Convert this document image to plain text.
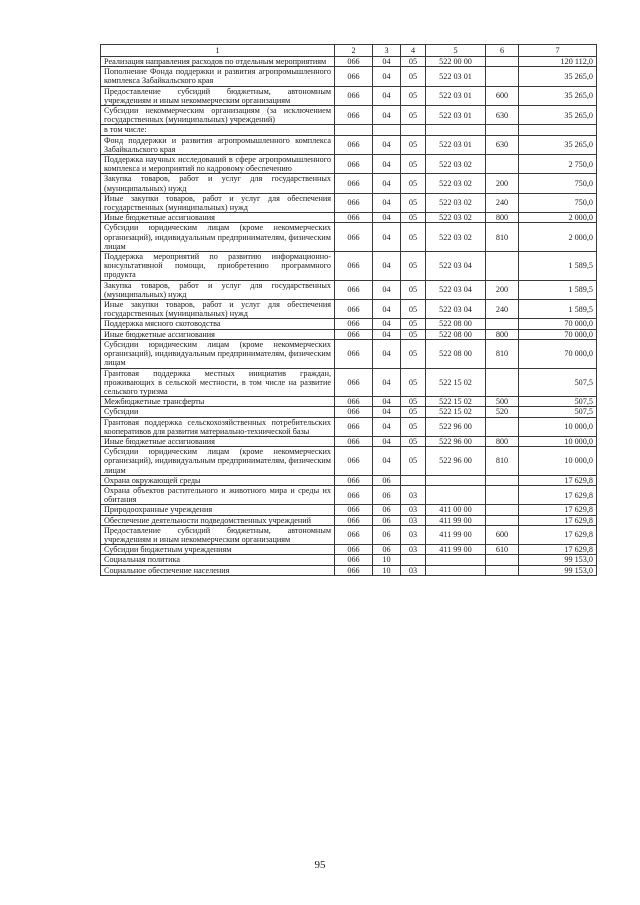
1	2	3	4	5	6	7
Реализация направления расходов по отдельным мероприятиям	066	04	05	522 00 00		120 112,0
Пополнение Фонда поддержки и развития агропромышленного комплекса Забайкальского края	066	04	05	522 03 01		35 265,0
Предоставление субсидий бюджетным, автономным учреждениям и иным некоммерческим организациям	066	04	05	522 03 01	600	35 265,0
Субсидии некоммерческим организациям (за исключением государственных (муниципальных) учреждений)	066	04	05	522 03 01	630	35 265,0
в том числе:						
Фонд поддержки и развития агропромышленного комплекса Забайкальского края	066	04	05	522 03 01	630	35 265,0
Поддержка научных исследований в сфере агропромышленного комплекса и мероприятий по кадровому обеспечению	066	04	05	522 03 02		2 750,0
Закупка товаров, работ и услуг для государственных (муниципальных) нужд	066	04	05	522 03 02	200	750,0
Иные закупки товаров, работ и услуг для обеспечения государственных (муниципальных) нужд	066	04	05	522 03 02	240	750,0
Иные бюджетные ассигнования	066	04	05	522 03 02	800	2 000,0
Субсидии юридическим лицам (кроме некоммерческих организаций), индивидуальным предпринимателям, физическим лицам	066	04	05	522 03 02	810	2 000,0
Поддержка мероприятий по развитию информационно-консультативной помощи, приобретению программного продукта	066	04	05	522 03 04		1 589,5
Закупка товаров, работ и услуг для государственных (муниципальных) нужд	066	04	05	522 03 04	200	1 589,5
Иные закупки товаров, работ и услуг для обеспечения государственных (муниципальных) нужд	066	04	05	522 03 04	240	1 589,5
Поддержка мясного скотоводства	066	04	05	522 08 00		70 000,0
Иные бюджетные ассигнования	066	04	05	522 08 00	800	70 000,0
Субсидии юридическим лицам (кроме некоммерческих организаций), индивидуальным предпринимателям, физическим лицам	066	04	05	522 08 00	810	70 000,0
Грантовая поддержка местных инициатив граждан, проживающих в сельской местности, в том числе на развитие сельского туризма	066	04	05	522 15 02		507,5
Межбюджетные трансферты	066	04	05	522 15 02	500	507,5
Субсидии	066	04	05	522 15 02	520	507,5
Грантовая поддержка сельскохозяйственных потребительских кооперативов для развития материально-технической базы	066	04	05	522 96 00		10 000,0
Иные бюджетные ассигнования	066	04	05	522 96 00	800	10 000,0
Субсидии юридическим лицам (кроме некоммерческих организаций), индивидуальным предпринимателям, физическим лицам	066	04	05	522 96 00	810	10 000,0
Охрана окружающей среды	066	06				17 629,8
Охрана объектов растительного и животного мира и среды их обитания	066	06	03			17 629,8
Природоохранные учреждения	066	06	03	411 00 00		17 629,8
Обеспечение деятельности подведомственных учреждений	066	06	03	411 99 00		17 629,8
Предоставление субсидий бюджетным, автономным учреждениям и иным некоммерческим организациям	066	06	03	411 99 00	600	17 629,8
Субсидии бюджетным учреждениям	066	06	03	411 99 00	610	17 629,8
Социальная политика	066	10				99 153,0
Социальное обеспечение населения	066	10	03			99 153,0
95
